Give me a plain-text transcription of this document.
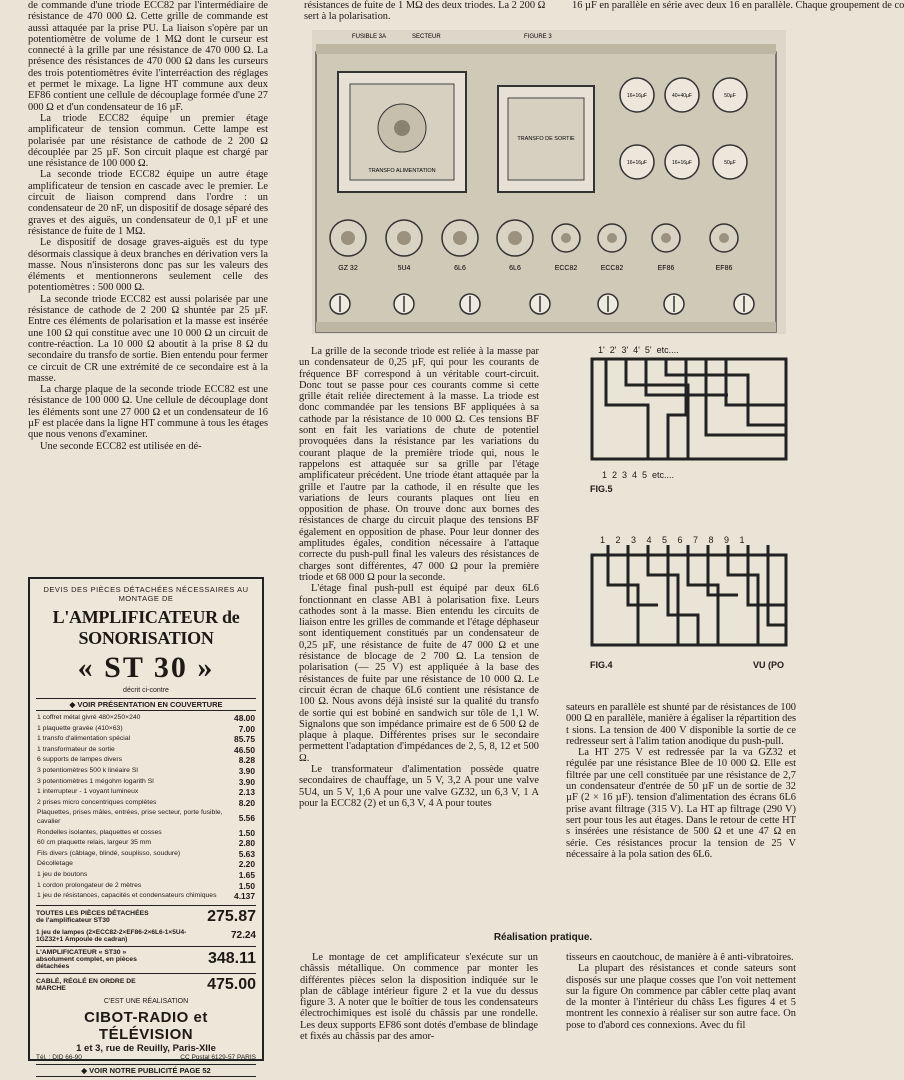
résistances de fuite de 1 MΩ des deux triodes. La 2 200 Ω sert à la polarisation.
16 µF en parallèle en série avec deux 16 en parallèle. Chaque groupement de co

de commande d'une triode ECC82 par l'intermédiaire de résistance de 470 000 Ω. Cette grille de commande est aussi attaquée par la prise PU. La liaison s'opère par un potentiomètre de volume de 1 MΩ dont le curseur est connecté à la grille par une résistance de 470 000 Ω. La présence des résistances de 470 000 Ω dans les curseurs des trois potentiomètres évite l'interréaction des réglages et permet le mixage. La ligne HT commune aux deux EF86 contient une cellule de découplage formée d'une 27 000 Ω et d'un condensateur de 16 µF.

La triode ECC82 équipe un premier étage amplificateur de tension commun. Cette lampe est polarisée par une résistance de cathode de 2 200 Ω découplée par 25 µF. Son circuit plaque est chargé par une résistance de 100 000 Ω.

La seconde triode ECC82 équipe un autre étage amplificateur de tension en cascade avec le premier. Le circuit de liaison comprend dans l'ordre : un condensateur de 20 nF, un dispositif de dosage séparé des graves et des aiguës, un condensateur de 0,1 µF et une résistance de fuite de 1 MΩ.

Le dispositif de dosage graves-aiguës est du type désormais classique à deux branches en dérivation vers la masse. Nous n'insisterons donc pas sur les valeurs des éléments et mentionnerons seulement celle des potentiomètres : 500 000 Ω.

La seconde triode ECC82 est aussi polarisée par une résistance de cathode de 2 200 Ω shuntée par 25 µF. Entre ces éléments de polarisation et la masse est insérée une 100 Ω qui constitue avec une 10 000 Ω un circuit de contre-réaction. La 10 000 Ω aboutit à la prise 8 Ω du secondaire du transfo de sortie. Bien entendu pour fermer ce circuit de CR une extrémité de ce secondaire est à la masse.

La charge plaque de la seconde triode ECC82 est une résistance de 100 000 Ω. Une cellule de découplage dont les éléments sont une 27 000 Ω et un condensateur de 16 µF est placée dans la ligne HT commune à tous les étages que nous venons d'examiner.

Une seconde ECC82 est utilisée en dé-

DEVIS DES PIÈCES DÉTACHÉES NÉCESSAIRES AU MONTAGE DE
L'AMPLIFICATEUR de SONORISATION
« ST 30 »
décrit ci-contre
◆ VOIR PRÉSENTATION EN COUVERTURE
1 coffret métal givré 480×250×240	48.00
1 plaquette gravée (410×63)	7.00
1 transfo d'alimentation spécial	85.75
1 transformateur de sortie	46.50
6 supports de lampes divers	8.28
3 potentiomètres 500 k linéaire Sl	3.90
3 potentiomètres 1 mégohm logarith Sl	3.90
1 interrupteur - 1 voyant lumineux	2.13
2 prises micro concentriques complètes	8.20
Plaquettes, prises mâles, entrées, prise secteur, porte fusible, cavalier	5.56
Rondelles isolantes, plaquettes et cosses	1.50
60 cm plaquette relais, largeur 35 mm	2.80
Fils divers (câblage, blindé, souplisso, soudure)	5.63
Décolletage	2.20
1 jeu de boutons	1.65
1 cordon prolongateur de 2 mètres	1.50
1 jeu de résistances, capacités et condensateurs chimiques	4.137
TOUTES LES PIÈCES DÉTACHÉES de l'amplificateur ST30	275.87
1 jeu de lampes (2×ECC82-2×EF86-2×6L6-1×5U4-1GZ32+1 Ampoule de cadran)	72.24
L'AMPLIFICATEUR « ST30 » absolument complet, en pièces détachées	348.11
CABLÉ, RÉGLÉ EN ORDRE DE MARCHE	475.00
C'EST UNE RÉALISATION
CIBOT-RADIO et TÉLÉVISION
1 et 3, rue de Reuilly, Paris-XIIe
Tél. : DID 66-90	CC Postal 6129-57 PARIS
◆ VOIR NOTRE PUBLICITÉ PAGE 52
FUSIBLE 3A	SECTEUR	FIGURE 3
TRANSFO ALIMENTATION
TRANSFO DE SORTIE
16+16µF	40+40µF	50µF
16+16µF	16+16µF	50µF
GZ 32	5U4	6L6	6L6	ECC82	ECC82	EF86	EF86
1'  2'  3'  4'  5'  etc....
1  2  3  4  5  etc....
FIG.5
1 2 3 4 5 6 7 8 9 1
FIG.4	VU (PO

La grille de la seconde triode est reliée à la masse par un condensateur de 0,25 µF, qui pour les courants de fréquence BF correspond à un véritable court-circuit. Donc tout se passe pour ces courants comme si cette grille était reliée directement à la masse. La triode est donc commandée par les tensions BF appliquées à sa cathode par la résistance de 10 000 Ω. Ces tensions BF sont en fait les variations de chute de potentiel provoquées dans la résistance par les variations du courant plaque de la première triode qui, nous le rappelons est attaquée sur sa grille par l'étage amplificateur précédent. Une triode étant attaquée par la grille et l'autre par la cathode, il en résulte que les variations de leurs courants plaques ont lieu en opposition de phase. On trouve donc aux bornes des résistances de charge du circuit plaque des tensions BF également en opposition de phase. Pour leur donner des amplitudes égales, condition nécessaire à l'attaque correcte du push-pull final les valeurs des résistances de charges sont différentes, 47 000 Ω pour la première triode et 68 000 Ω pour la seconde.

L'étage final push-pull est équipé par deux 6L6 fonctionnant en classe AB1 à polarisation fixe. Leurs cathodes sont à la masse. Bien entendu les circuits de liaison entre les grilles de commande et l'étage déphaseur sont identiquement constitués par un condensateur de 0,25 µF, une résistance de fuite de 47 000 Ω et une résistance de blocage de 2 700 Ω. La tension de polarisation (— 25 V) est appliquée à la base des résistances de fuite par une résistance de 10 000 Ω. Le circuit écran de chaque 6L6 contient une résistance de 100 Ω. Nous avons déjà insisté sur la qualité du transfo de sortie qui est bobiné en sandwich sur tôle de 1,1 W. Signalons que son impédance primaire est de 6 500 Ω de plaque à plaque. Différentes prises sur le secondaire permettent l'adaptation d'impédances de 2, 5, 8, 12 et 500 Ω.

Le transformateur d'alimentation possède quatre secondaires de chauffage, un 5 V, 3,2 A pour une valve 5U4, un 5 V, 1,6 A pour une valve GZ32, un 6,3 V, 1 A pour la ECC82 (2) et un 6,3 V, 4 A pour toutes

sateurs en parallèle est shunté par de résistances de 100 000 Ω en parallèle, manière à égaliser la répartition des t sions. La tension de 400 V disponible la sortie de ce redresseur sert à l'alim tation anodique du push-pull.

La HT 275 V est redressée par la va GZ32 et régulée par une résistance Blee de 10 000 Ω. Elle est filtrée par une cell constituée par une résistance de 2,7 un condensateur d'entrée de 50 µF un de sortie de 32 µF (2 × 16 µF). tension d'alimentation des écrans 6L6 prise avant filtrage (315 V). La HT ap filtrage (290 V) sert pour tous les aut étages. Dans le retour de cette HT s insérées une résistance de 500 Ω et une 47 Ω en série. Ces résistances procur la tension de 25 V nécessaire à la pola sation des 6L6.

Réalisation pratique.

Le montage de cet amplificateur s'exécute sur un châssis métallique. On commence par monter les différentes pièces selon la disposition indiquée sur le plan de câblage intérieur figure 2 et la vue du dessus figure 3. A noter que le boîtier de tous les condensateurs électrochimiques est isolé du châssis par une rondelle. Les deux supports EF86 sont dotés d'embase de blindage et fixés au châssis par des amor-

tisseurs en caoutchouc, de manière à ê anti-vibratoires.

La plupart des résistances et conde sateurs sont disposés sur une plaque cosses que l'on voit nettement sur la figure On commence par câbler cette plaq avant de la monter à l'intérieur du châss Les figures 4 et 5 montrent les connexio à réaliser sur son autre face. On pose to d'abord ces connexions. Avec du fil
